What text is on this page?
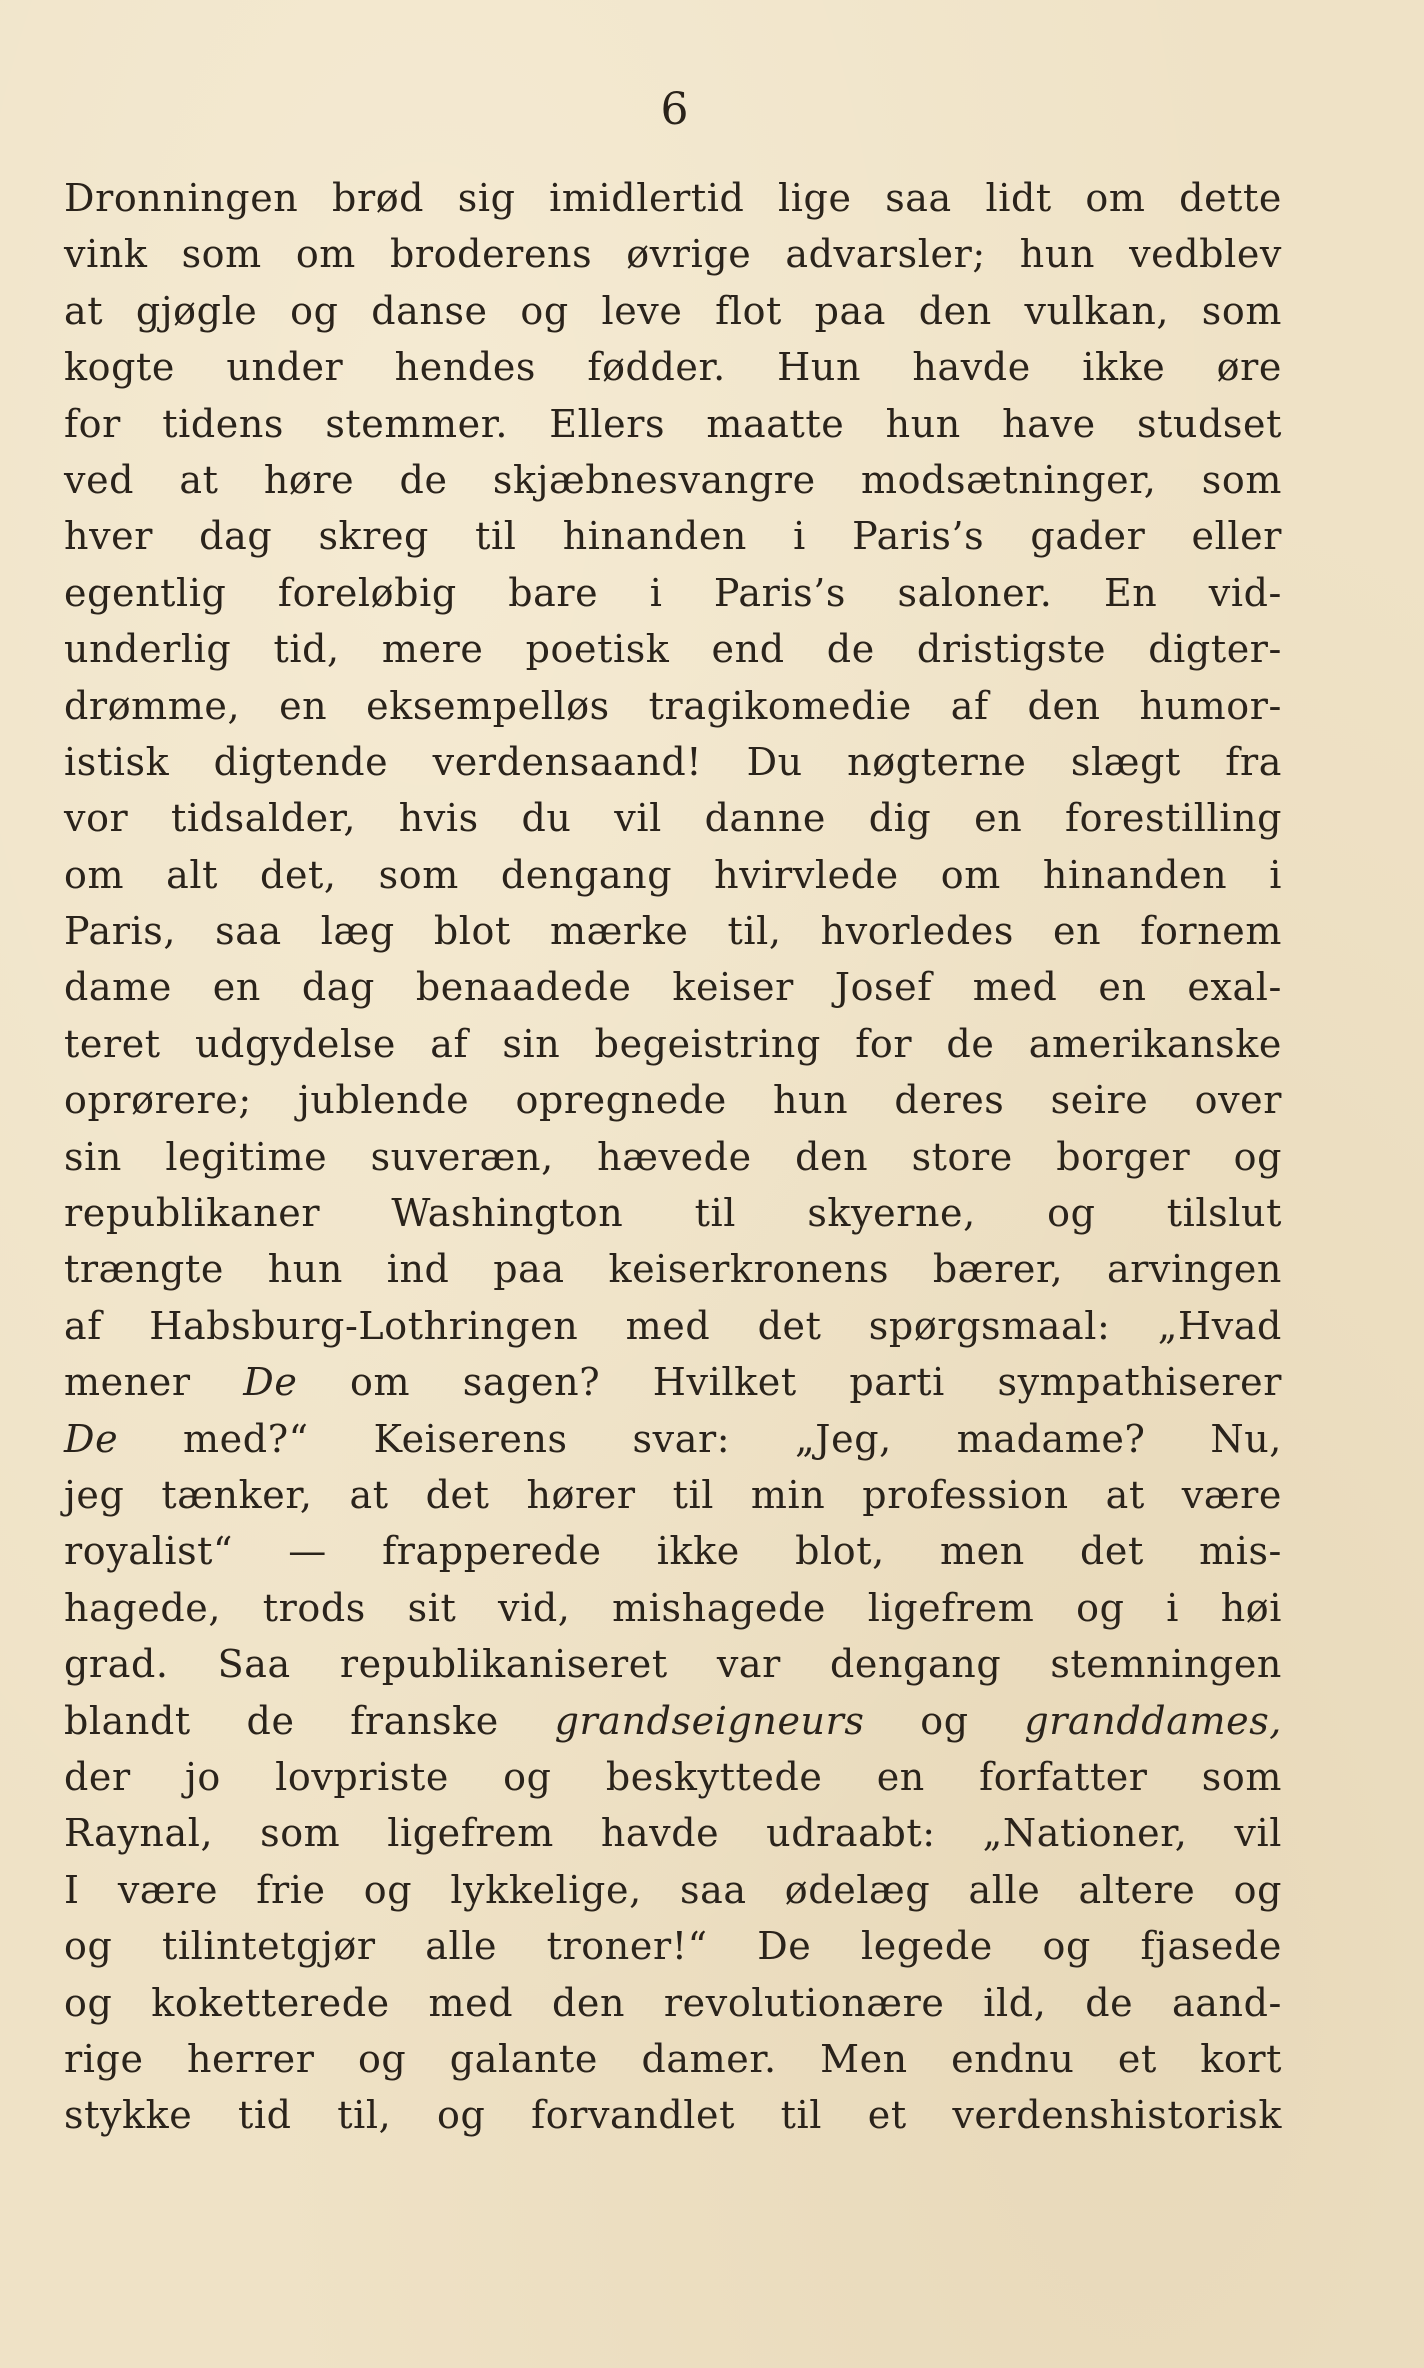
6
Dronningen brød sig imidlertid lige saa lidt om dette
vink som om broderens øvrige advarsler; hun vedblev
at gjøgle og danse og leve flot paa den vulkan, som
kogte under hendes fødder. Hun havde ikke øre
for tidens stemmer. Ellers maatte hun have studset
ved at høre de skjæbnesvangre modsætninger, som
hver dag skreg til hinanden i Paris’s gader eller
egentlig foreløbig bare i Paris’s saloner. En vid-
underlig tid, mere poetisk end de dristigste digter-
drømme, en eksempelløs tragikomedie af den humor-
istisk digtende verdensaand! Du nøgterne slægt fra
vor tidsalder, hvis du vil danne dig en forestilling
om alt det, som dengang hvirvlede om hinanden i
Paris, saa læg blot mærke til, hvorledes en fornem
dame en dag benaadede keiser Josef med en exal-
teret udgydelse af sin begeistring for de amerikanske
oprørere; jublende opregnede hun deres seire over
sin legitime suveræn, hævede den store borger og
republikaner Washington til skyerne, og tilslut
trængte hun ind paa keiserkronens bærer, arvingen
af Habsburg-Lothringen med det spørgsmaal: „Hvad
mener De om sagen? Hvilket parti sympathiserer
De med?“ Keiserens svar: „Jeg, madame? Nu,
jeg tænker, at det hører til min profession at være
royalist“ — frapperede ikke blot, men det mis-
hagede, trods sit vid, mishagede ligefrem og i høi
grad. Saa republikaniseret var dengang stemningen
blandt de franske grandseigneurs og granddames,
der jo lovpriste og beskyttede en forfatter som
Raynal, som ligefrem havde udraabt: „Nationer, vil
I være frie og lykkelige, saa ødelæg alle altere og
og tilintetgjør alle troner!“ De legede og fjasede
og koketterede med den revolutionære ild, de aand-
rige herrer og galante damer. Men endnu et kort
stykke tid til, og forvandlet til et verdenshistorisk
